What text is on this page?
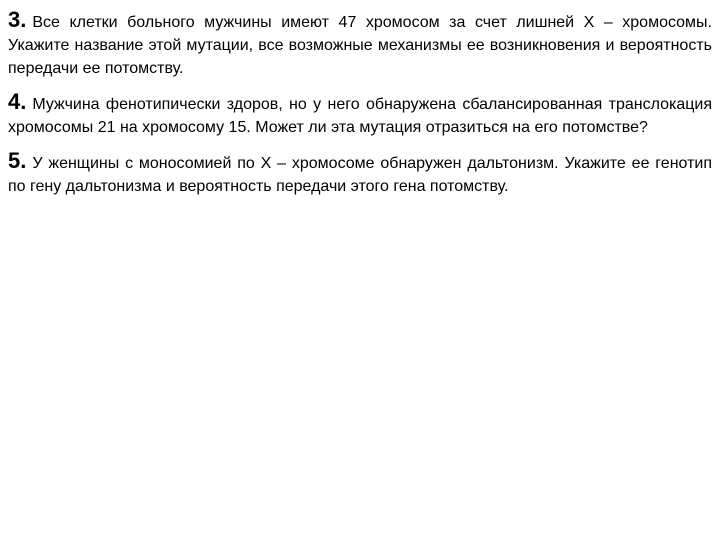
3. Все клетки больного мужчины имеют 47 хромосом за счет лишней Х – хромосомы. Укажите название этой мутации, все возможные механизмы ее возникновения и вероятность передачи ее потомству.

4. Мужчина фенотипически здоров, но у него обнаружена сбалансированная транслокация хромосомы 21 на хромосому 15. Может ли эта мутация отразиться на его потомстве?

5. У женщины с моносомией по Х – хромосоме обнаружен дальтонизм. Укажите ее генотип по гену дальтонизма и вероятность передачи этого гена потомству.
